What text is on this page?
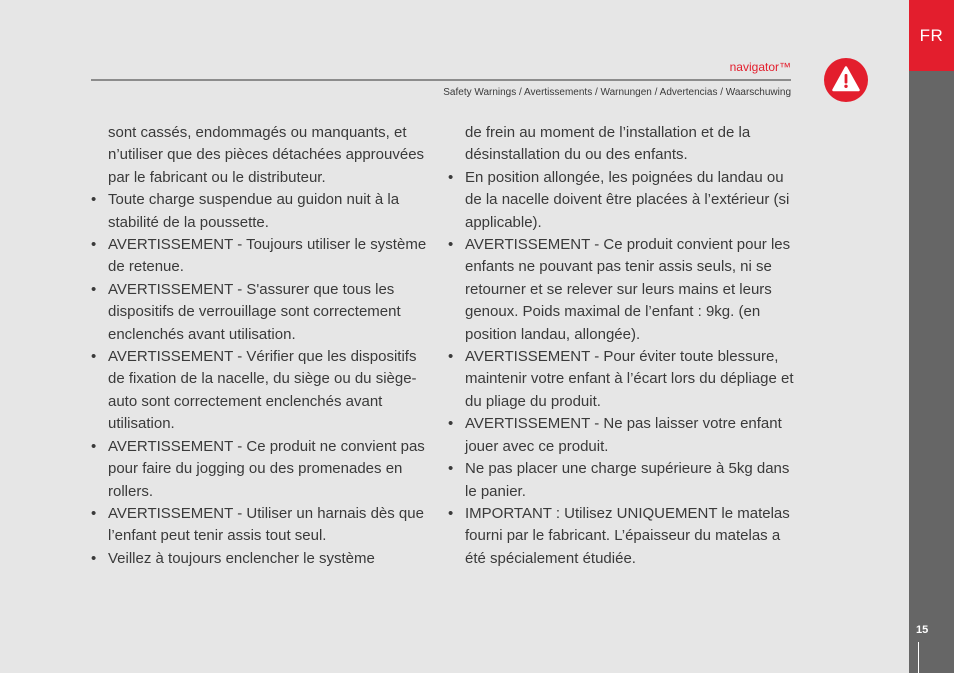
FR
15
navigator™
Safety Warnings / Avertissements / Warnungen / Advertencias / Waarschuwing
sont cassés, endommagés ou manquants, et n’utiliser que des pièces détachées approuvées par le fabricant ou le distributeur.
• Toute charge suspendue au guidon nuit à la stabilité de la poussette.
• AVERTISSEMENT - Toujours utiliser le système de retenue.
• AVERTISSEMENT - S'assurer que tous les dispositifs de verrouillage sont correctement enclenchés avant utilisation.
• AVERTISSEMENT - Vérifier que les dispositifs de fixation de la nacelle, du siège ou du siège-auto sont correctement enclenchés avant utilisation.
• AVERTISSEMENT - Ce produit ne convient pas pour faire du jogging ou des promenades en rollers.
• AVERTISSEMENT - Utiliser un harnais dès que l’enfant peut tenir assis tout seul.
• Veillez à toujours enclencher le système
de frein au moment de l’installation et de la désinstallation du ou des enfants.
• En position allongée, les poignées du landau ou de la nacelle doivent être placées à l’extérieur (si applicable).
• AVERTISSEMENT - Ce produit convient pour les enfants ne pouvant pas tenir assis seuls, ni se retourner et se relever sur leurs mains et leurs genoux. Poids maximal de l’enfant : 9kg. (en position landau, allongée).
• AVERTISSEMENT - Pour éviter toute blessure, maintenir votre enfant à l’écart lors du dépliage et du pliage du produit.
• AVERTISSEMENT - Ne pas laisser votre enfant jouer avec ce produit.
• Ne pas placer une charge supérieure à 5kg dans le panier.
• IMPORTANT : Utilisez UNIQUEMENT le matelas fourni par le fabricant. L’épaisseur du matelas a été spécialement étudiée.
